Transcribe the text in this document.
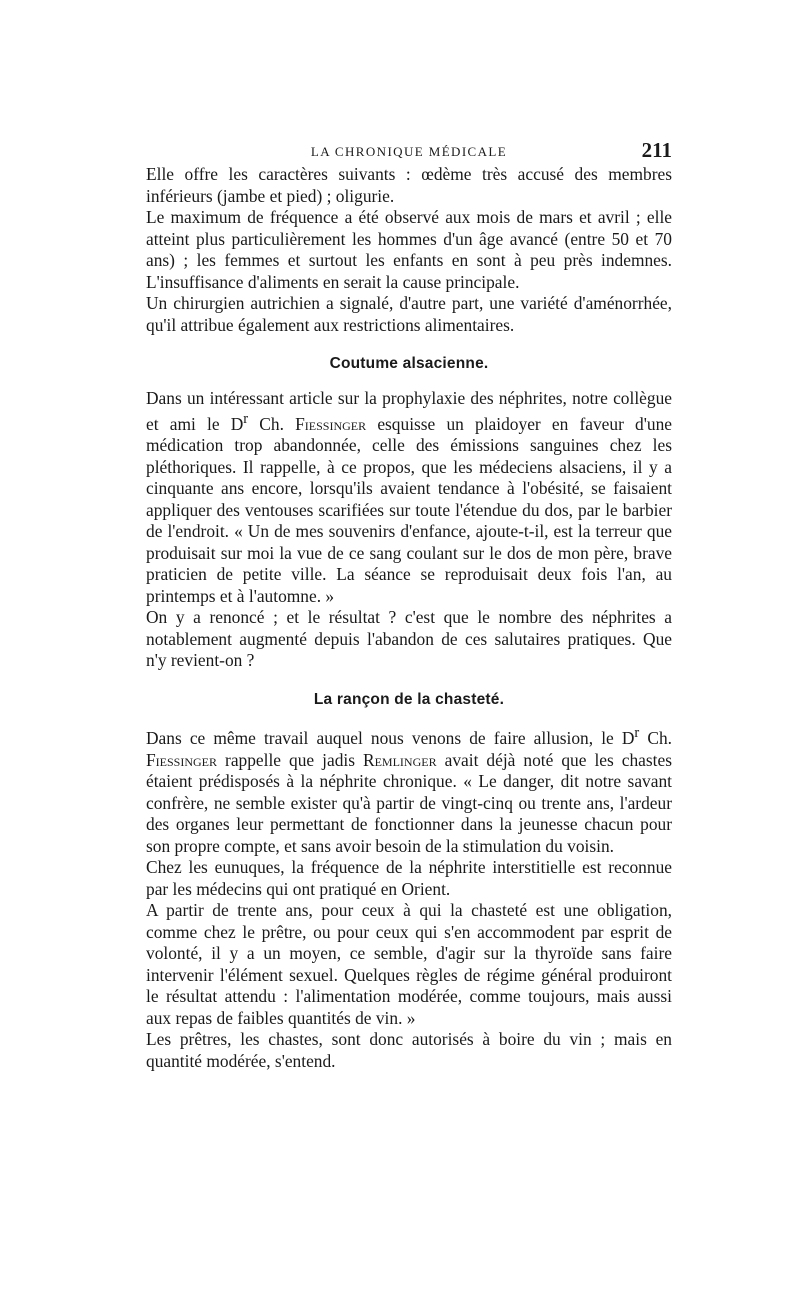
LA CHRONIQUE MÉDICALE	211

Elle offre les caractères suivants : œdème très accusé des membres inférieurs (jambe et pied) ; oligurie.

Le maximum de fréquence a été observé aux mois de mars et avril ; elle atteint plus particulièrement les hommes d'un âge avancé (entre 50 et 70 ans) ; les femmes et surtout les enfants en sont à peu près indemnes. L'insuffisance d'aliments en serait la cause principale.

Un chirurgien autrichien a signalé, d'autre part, une variété d'aménorrhée, qu'il attribue également aux restrictions alimentaires.

Coutume alsacienne.

Dans un intéressant article sur la prophylaxie des néphrites, notre collègue et ami le $D^r$ Ch. Fiessinger esquisse un plaidoyer en faveur d'une médication trop abandonnée, celle des émissions sanguines chez les pléthoriques. Il rappelle, à ce propos, que les médeciens alsaciens, il y a cinquante ans encore, lorsqu'ils avaient tendance à l'obésité, se faisaient appliquer des ventouses scarifiées sur toute l'étendue du dos, par le barbier de l'endroit. « Un de mes souvenirs d'enfance, ajoute-t-il, est la terreur que produisait sur moi la vue de ce sang coulant sur le dos de mon père, brave praticien de petite ville. La séance se reproduisait deux fois l'an, au printemps et à l'automne. »

On y a renoncé ; et le résultat ? c'est que le nombre des néphrites a notablement augmenté depuis l'abandon de ces salutaires pratiques. Que n'y revient-on ?

La rançon de la chasteté.

Dans ce même travail auquel nous venons de faire allusion, le $D^r$ Ch. Fiessinger rappelle que jadis Remlinger avait déjà noté que les chastes étaient prédisposés à la néphrite chronique. « Le danger, dit notre savant confrère, ne semble exister qu'à partir de vingt-cinq ou trente ans, l'ardeur des organes leur permettant de fonctionner dans la jeunesse chacun pour son propre compte, et sans avoir besoin de la stimulation du voisin.

Chez les eunuques, la fréquence de la néphrite interstitielle est reconnue par les médecins qui ont pratiqué en Orient.

A partir de trente ans, pour ceux à qui la chasteté est une obligation, comme chez le prêtre, ou pour ceux qui s'en accommodent par esprit de volonté, il y a un moyen, ce semble, d'agir sur la thyroïde sans faire intervenir l'élément sexuel. Quelques règles de régime général produiront le résultat attendu : l'alimentation modérée, comme toujours, mais aussi aux repas de faibles quantités de vin. »

Les prêtres, les chastes, sont donc autorisés à boire du vin ; mais en quantité modérée, s'entend.
